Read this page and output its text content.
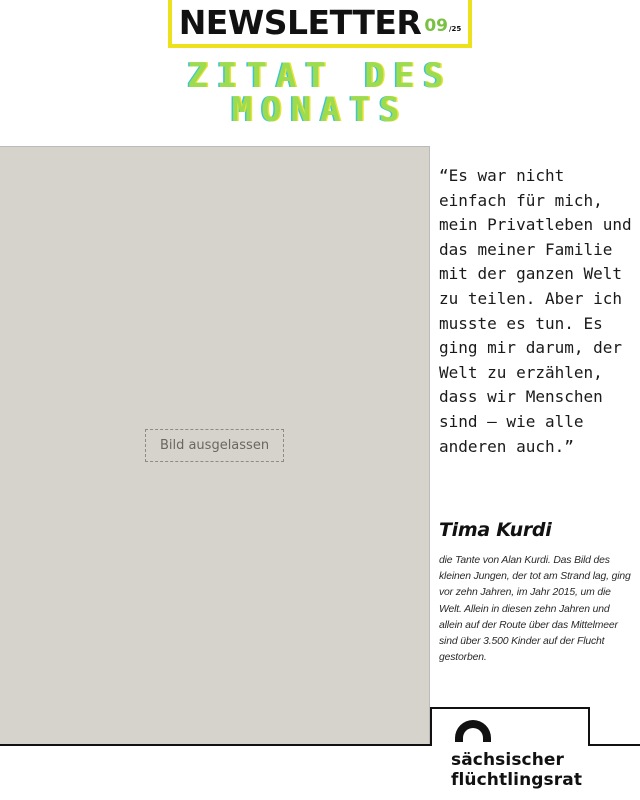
NEWSLETTER 09/25
ZITAT DES
MONATS
Bild ausgelassen
“Es war nicht einfach für mich, mein Privatleben und das meiner Familie mit der ganzen Welt zu teilen. Aber ich musste es tun. Es ging mir darum, der Welt zu erzählen, dass wir Menschen sind – wie alle anderen auch.”
Tima Kurdi
die Tante von Alan Kurdi. Das Bild des kleinen Jungen, der tot am Strand lag, ging vor zehn Jahren, im Jahr 2015, um die Welt. Allein in diesen zehn Jahren und allein auf der Route über das Mittelmeer sind über 3.500 Kinder auf der Flucht gestorben.
sächsischer
flüchtlingsrat
